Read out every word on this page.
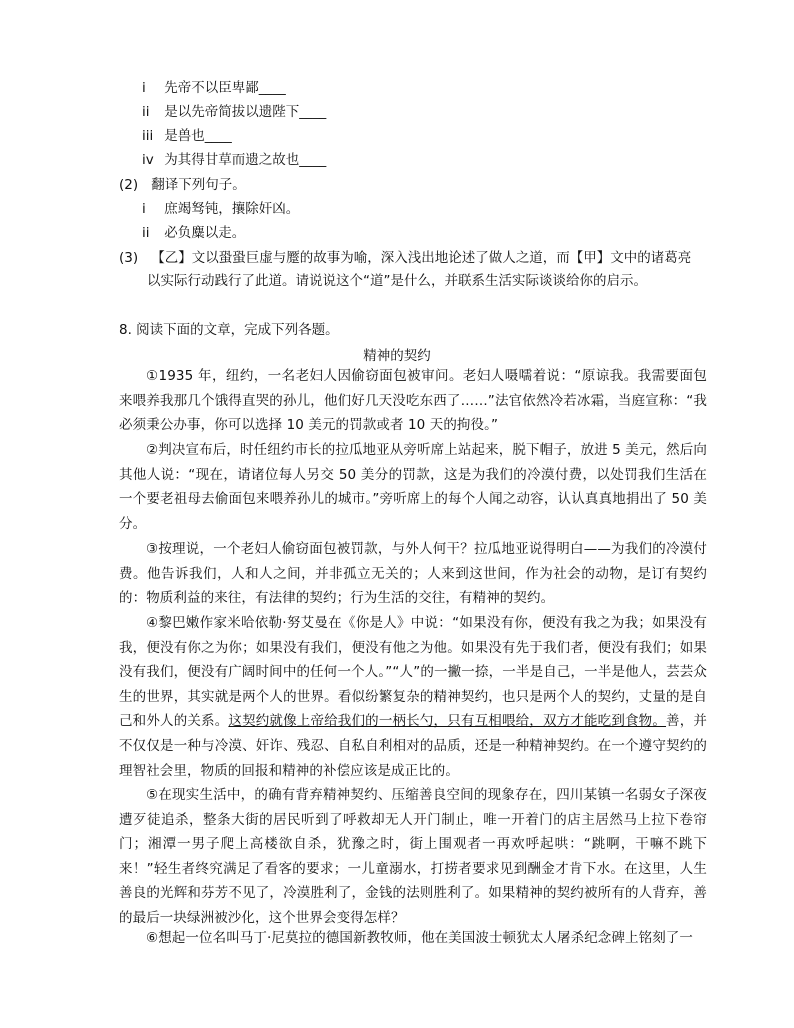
i 先帝不以臣卑鄙____
ii 是以先帝简拔以遗陛下____
iii 是兽也____
iv 为其得甘草而遗之故也____
(2) 翻译下列句子。
i 庶竭驽钝，攘除奸凶。
ii 必负麋以走。
(3) 【乙】文以蛩蛩巨虚与蹷的故事为喻，深入浅出地论述了做人之道，而【甲】文中的诸葛亮
以实际行动践行了此道。请说说这个“道”是什么，并联系生活实际谈谈给你的启示。
8. 阅读下面的文章，完成下列各题。
精神的契约

①1935 年，纽约，一名老妇人因偷窃面包被审问。老妇人嗫嚅着说：“原谅我。我需要面包来喂养我那几个饿得直哭的孙儿，他们好几天没吃东西了……”法官依然冷若冰霜，当庭宣称：“我必须秉公办事，你可以选择 10 美元的罚款或者 10 天的拘役。”

②判决宣布后，时任纽约市长的拉瓜地亚从旁听席上站起来，脱下帽子，放进 5 美元，然后向其他人说：“现在，请诸位每人另交 50 美分的罚款，这是为我们的冷漠付费，以处罚我们生活在一个要老祖母去偷面包来喂养孙儿的城市。”旁听席上的每个人闻之动容，认认真真地捐出了 50 美分。

③按理说，一个老妇人偷窃面包被罚款，与外人何干？拉瓜地亚说得明白——为我们的冷漠付费。他告诉我们，人和人之间，并非孤立无关的；人来到这世间，作为社会的动物，是订有契约的：物质利益的来往，有法律的契约；行为生活的交往，有精神的契约。

④黎巴嫩作家米哈依勒·努艾曼在《你是人》中说：“如果没有你，便没有我之为我；如果没有我，便没有你之为你；如果没有我们，便没有他之为他。如果没有先于我们者，便没有我们；如果没有我们，便没有广阔时间中的任何一个人。”“人”的一撇一捺，一半是自己，一半是他人，芸芸众生的世界，其实就是两个人的世界。看似纷繁复杂的精神契约，也只是两个人的契约，丈量的是自己和外人的关系。这契约就像上帝给我们的一柄长勺，只有互相喂给，双方才能吃到食物。善，并不仅仅是一种与冷漠、奸诈、残忍、自私自利相对的品质，还是一种精神契约。在一个遵守契约的理智社会里，物质的回报和精神的补偿应该是成正比的。

⑤在现实生活中，的确有背弃精神契约、压缩善良空间的现象存在，四川某镇一名弱女子深夜遭歹徒追杀，整条大街的居民听到了呼救却无人开门制止，唯一开着门的店主居然马上拉下卷帘门；湘潭一男子爬上高楼欲自杀，犹豫之时，街上围观者一再欢呼起哄：“跳啊，干嘛不跳下来！”轻生者终究满足了看客的要求；一儿童溺水，打捞者要求见到酬金才肯下水。在这里，人生善良的光辉和芬芳不见了，冷漠胜利了，金钱的法则胜利了。如果精神的契约被所有的人背弃，善的最后一块绿洲被沙化，这个世界会变得怎样？

⑥想起一位名叫马丁·尼莫拉的德国新教牧师，他在美国波士顿犹太人屠杀纪念碑上铭刻了一
